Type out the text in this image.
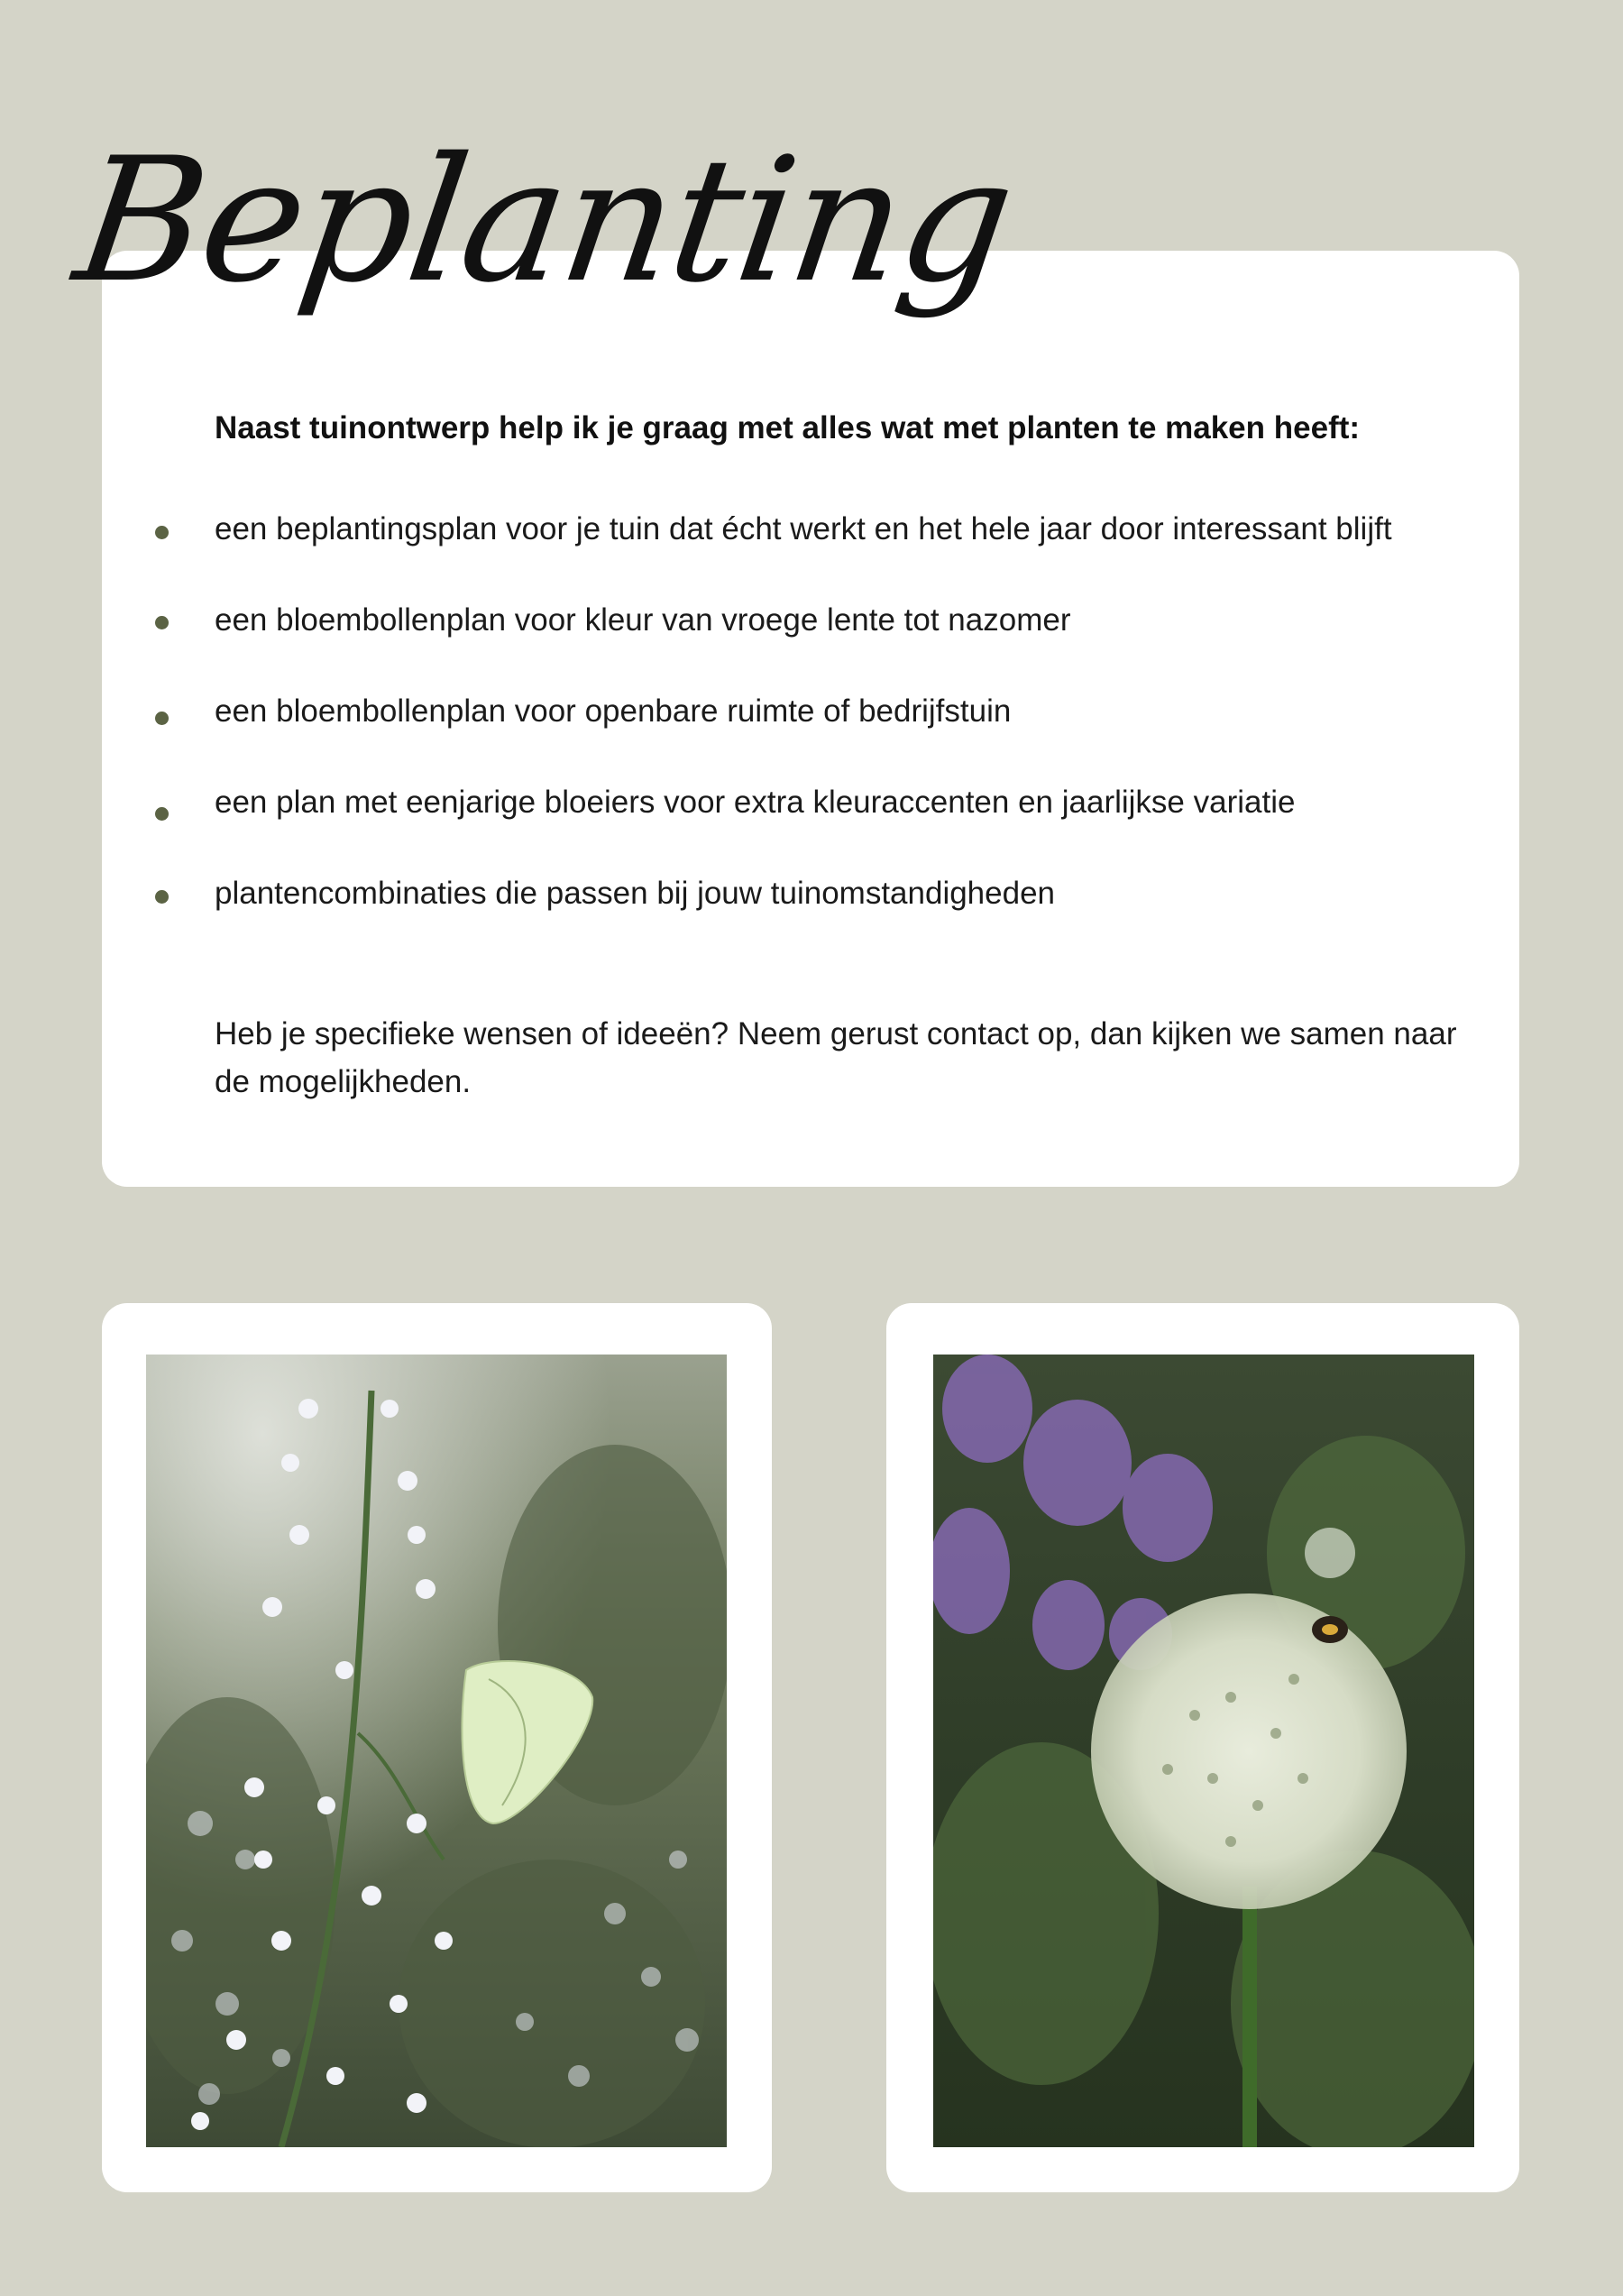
Beplanting

Naast tuinontwerp help ik je graag met alles wat met planten te maken heeft:

een beplantingsplan voor je tuin dat écht werkt en het hele jaar door interessant blijft
een bloembollenplan voor kleur van vroege lente tot nazomer
een bloembollenplan voor openbare ruimte of bedrijfstuin
een plan met eenjarige bloeiers voor extra kleuraccenten en jaarlijkse variatie
plantencombinaties die passen bij jouw tuinomstandigheden

Heb je specifieke wensen of ideeën? Neem gerust contact op, dan kijken we samen naar de mogelijkheden.
